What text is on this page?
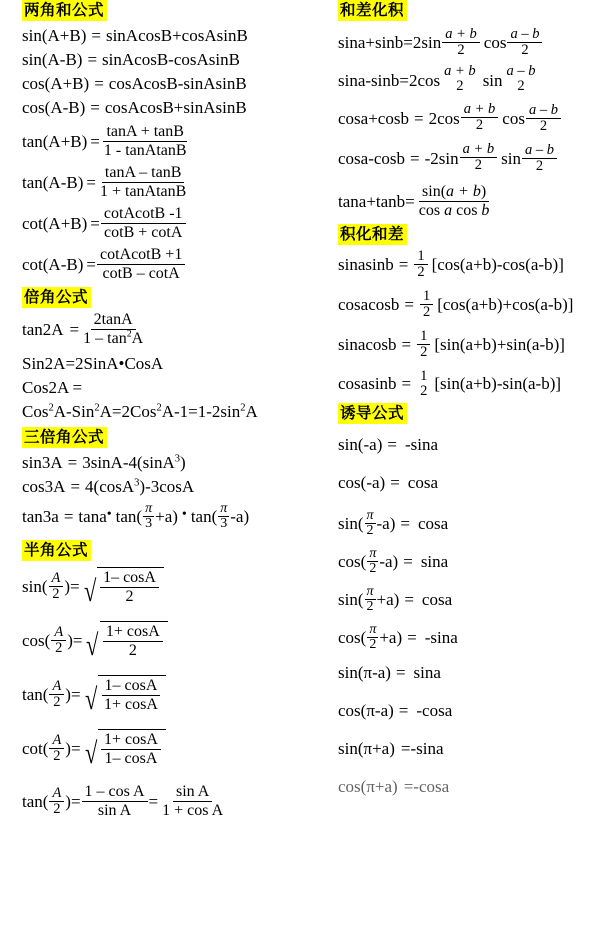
两角和公式
sin(A+B) = sinAcosB+cosAsinB
sin(A-B) = sinAcosB-cosAsinB
cos(A+B) = cosAcosB-sinAsinB
cos(A-B) = cosAcosB+sinAsinB
$\tan(A+B) = \frac{\tan A + \tan B}{\text{1 - tanAtanB}}$
$\tan(A-B) = \frac{\tan A - \tan B}{\text{1 + tanAtanB}}$
$\cot(A+B) = \frac{\text{cotAcotB -1}}{\cot B + \cot A}$
$\cot(A-B) = \frac{\text{cotAcotB +1}}{\cot B - \cot A}$
倍角公式
$\tan 2A = \frac{2\tan A}{1 - \tan^2A}$
Sin2A=2SinA•CosA
Cos2A =
$Cos^2A-Sin^2A=2Cos^2A-1=1-2\sin^2A$
三倍角公式
sin3A = 3sinA-4(sinA$^3$)
cos3A = 4(cosA$^3$)-3cosA
tan3a = tana • $\tan( \frac{\pi}{3} +a)$ • $\tan( \frac{\pi}{3} -a)$
半角公式
$\sin( \frac{A}{2}$ )= √ $\frac{1- \cos A}{2}$
$\cos( \frac{A}{2}$ )= √ $\frac{1+ \cos A}{2}$
$\tan( \frac{A}{2}$ )= √ $\frac{1- \cos A}{1+ \cos A}$
$\cot( \frac{A}{2}$ )= √ $\frac{1+ \cos A}{1- \cos A}$
$\tan( \frac{A}{2}$ )= $\frac{\text{1 – cos A}}{\text{sin A}} = \frac{\text{sin A}}{\text{1 + cos A}}$
和差化积
$\sin a+\sin b=2\sin \frac{a + b}{2}$ $\cos \frac{a - b}{2}$
sina-sinb=2cos a + b
2 sin a – b
2
$\cos a+\cos b = 2\cos \frac{a + b}{2}$ $\cos \frac{a - b}{2}$
$\cos a-\cos b = -2\sin \frac{a + b}{2}$ $\sin \frac{a - b}{2}$
$\tan a+\tan b= \frac{\sin(a + b)}{\text{cos a cos b}}$
积化和差
sinasinb = $\frac{1}{2} [\cos(a+b)-\cos(a-b)]$
cosacosb = $\frac{1}{2} [\cos(a+b)+\cos(a-b)]$
sinacosb = $\frac{1}{2} [\sin(a+b)+\sin(a-b)]$
cosasinb = 1
2 [sin(a+b)-sin(a-b)]
诱导公式
sin(-a) = -sina
cos(-a) = cosa
$\sin( \frac{\pi}{2} -a) = \cos a$
$\cos( \frac{\pi}{2} -a) = \sin a$
$\sin( \frac{\pi}{2} +a) = \cos a$
$\cos( \frac{\pi}{2} +a) = -\sin a$
sin(π-a) = sina
cos(π-a) = -cosa
sin(π+a) = -sina
cos(π+a) = -cosa
